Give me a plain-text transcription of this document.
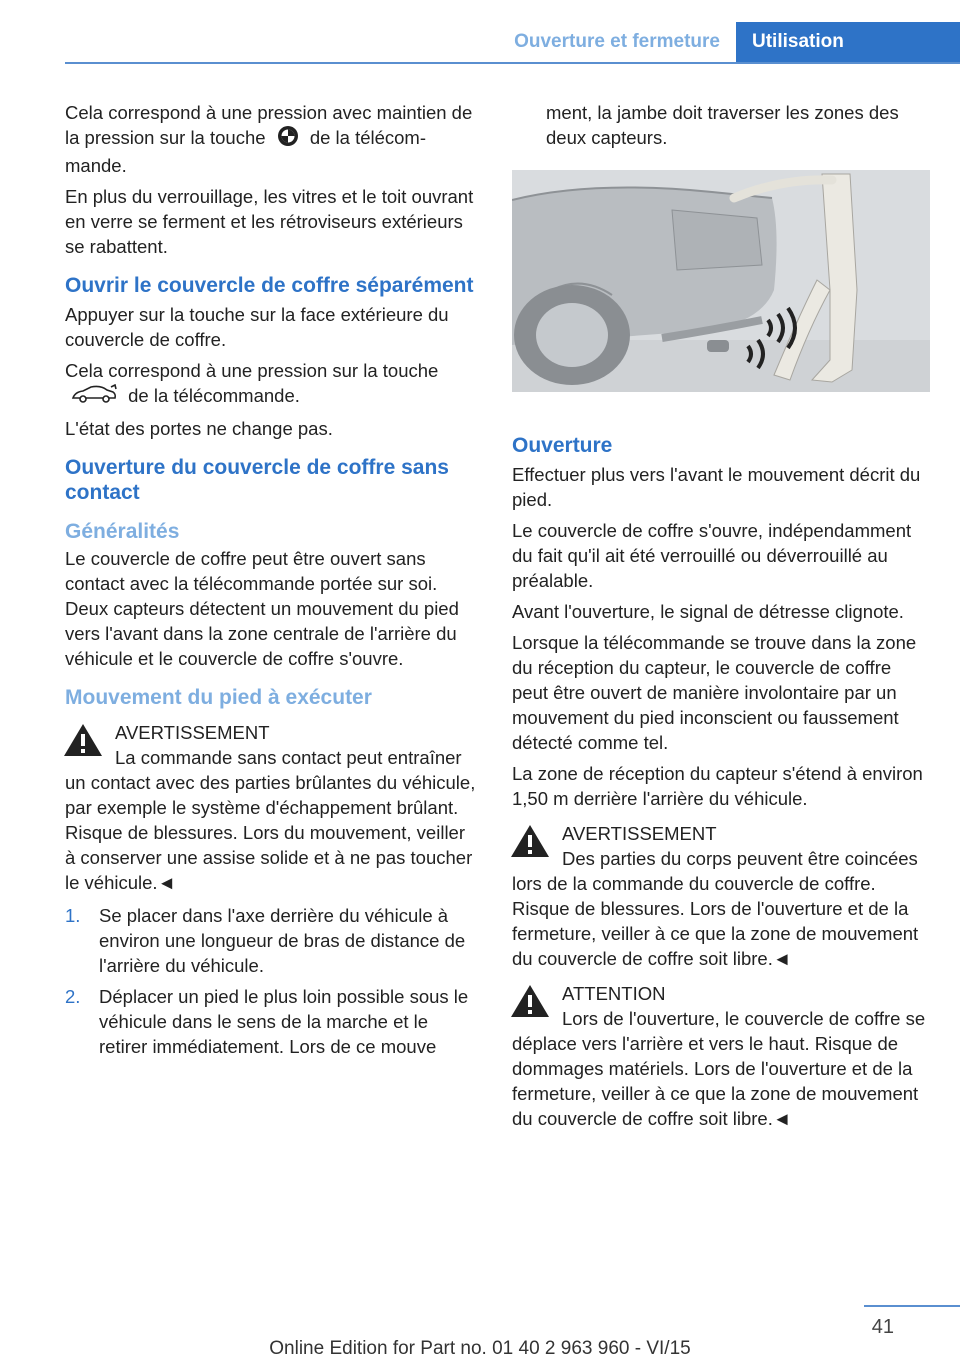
Ouverture et fermeture	Utilisation

Cela correspond à une pression avec maintien de la pression sur la touche de la télécommande.

En plus du verrouillage, les vitres et le toit ouvrant en verre se ferment et les rétroviseurs extérieurs se rabattent.

Ouvrir le couvercle de coffre séparément

Appuyer sur la touche sur la face extérieure du couvercle de coffre.

Cela correspond à une pression sur la touche  de la télécommande.

L'état des portes ne change pas.

Ouverture du couvercle de coffre sans contact
Généralités

Le couvercle de coffre peut être ouvert sans contact avec la télécommande portée sur soi. Deux capteurs détectent un mouvement du pied vers l'avant dans la zone centrale de l'arrière du véhicule et le couvercle de coffre s'ouvre.

Mouvement du pied à exécuter
AVERTISSEMENT
La commande sans contact peut entraîner un contact avec des parties brûlantes du véhicule, par exemple le système d'échappement brûlant. Risque de blessures. Lors du mouvement, veiller à conserver une assise solide et à ne pas toucher le véhicule.◄
1. Se placer dans l'axe derrière du véhicule à environ une longueur de bras de distance de l'arrière du véhicule.
2. Déplacer un pied le plus loin possible sous le véhicule dans le sens de la marche et le retirer immédiatement. Lors de ce mouve

ment, la jambe doit traverser les zones des deux capteurs.

Ouverture

Effectuer plus vers l'avant le mouvement décrit du pied.

Le couvercle de coffre s'ouvre, indépendamment du fait qu'il ait été verrouillé ou déverrouillé au préalable.

Avant l'ouverture, le signal de détresse clignote.

Lorsque la télécommande se trouve dans la zone du réception du capteur, le couvercle de coffre peut être ouvert de manière involontaire par un mouvement du pied inconscient ou faussement détecté comme tel.

La zone de réception du capteur s'étend à environ 1,50 m derrière l'arrière du véhicule.

AVERTISSEMENT
Des parties du corps peuvent être coincées lors de la commande du couvercle de coffre. Risque de blessures. Lors de l'ouverture et de la fermeture, veiller à ce que la zone de mouvement du couvercle de coffre soit libre.◄
ATTENTION
Lors de l'ouverture, le couvercle de coffre se déplace vers l'arrière et vers le haut. Risque de dommages matériels. Lors de l'ouverture et de la fermeture, veiller à ce que la zone de mouvement du couvercle de coffre soit libre.◄
41
Online Edition for Part no. 01 40 2 963 960 - VI/15
